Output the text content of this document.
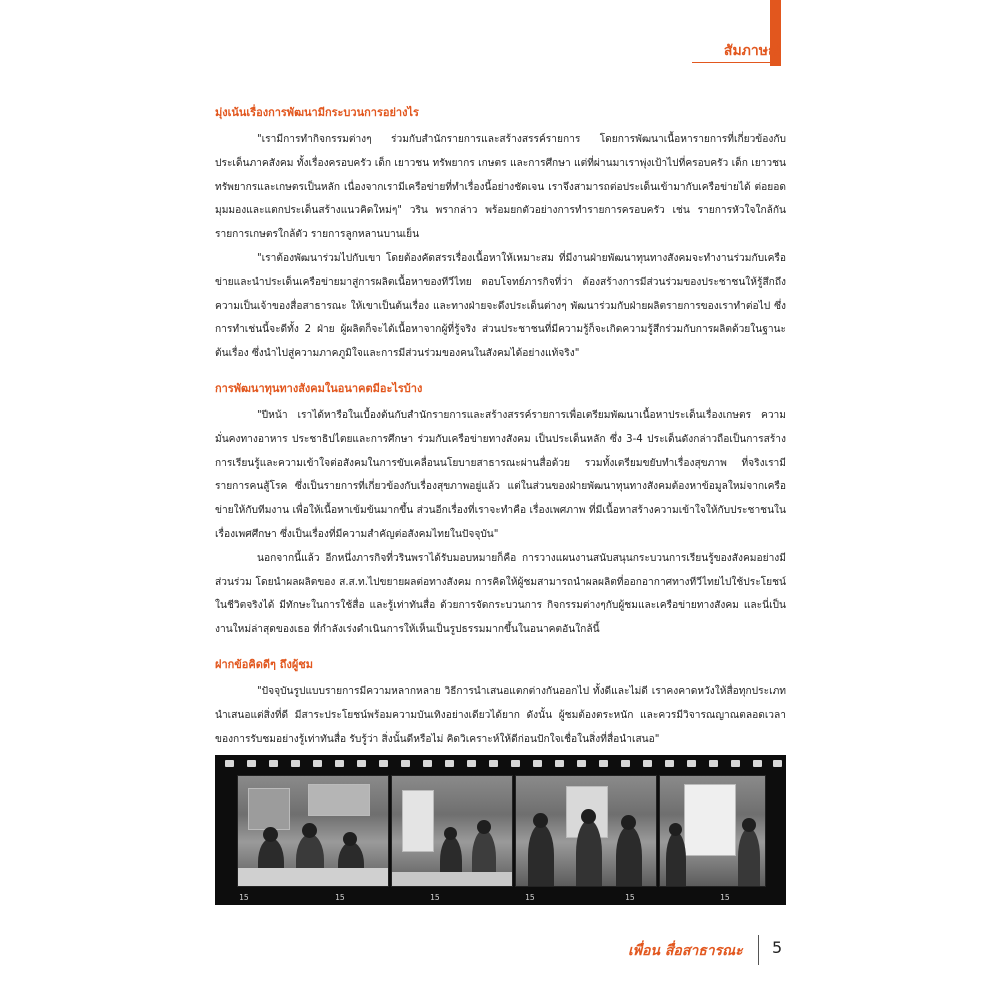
สัมภาษณ์
มุ่งเน้นเรื่องการพัฒนามีกระบวนการอย่างไร

"เรามีการทำกิจกรรมต่างๆ ร่วมกับสำนักรายการและสร้างสรรค์รายการ โดยการพัฒนาเนื้อหารายการที่เกี่ยวข้องกับประเด็นภาคสังคม ทั้งเรื่องครอบครัว เด็ก เยาวชน ทรัพยากร เกษตร และการศึกษา แต่ที่ผ่านมาเราพุ่งเป้าไปที่ครอบครัว เด็ก เยาวชน ทรัพยากรและเกษตรเป็นหลัก เนื่องจากเรามีเครือข่ายที่ทำเรื่องนี้อย่างชัดเจน เราจึงสามารถต่อประเด็นเข้ามากับเครือข่ายได้ ต่อยอดมุมมองและแตกประเด็นสร้างแนวคิดใหม่ๆ" วริน พรากล่าว พร้อมยกตัวอย่างการทำรายการครอบครัว เช่น รายการหัวใจใกล้กัน รายการเกษตรใกล้ตัว รายการลูกหลานบานเย็น

"เราต้องพัฒนาร่วมไปกับเขา โดยต้องคัดสรรเรื่องเนื้อหาให้เหมาะสม ที่มีงานฝ่ายพัฒนาทุนทางสังคมจะทำงานร่วมกับเครือข่ายและนำประเด็นเครือข่ายมาสู่การผลิตเนื้อหาของทีวีไทย ตอบโจทย์ภารกิจที่ว่า ต้องสร้างการมีส่วนร่วมของประชาชนให้รู้สึกถึงความเป็นเจ้าของสื่อสาธารณะ ให้เขาเป็นต้นเรื่อง และทางฝ่ายจะดึงประเด็นต่างๆ พัฒนาร่วมกับฝ่ายผลิตรายการของเราทำต่อไป ซึ่งการทำเช่นนี้จะดีทั้ง 2 ฝ่าย ผู้ผลิตก็จะได้เนื้อหาจากผู้ที่รู้จริง ส่วนประชาชนที่มีความรู้ก็จะเกิดความรู้สึกร่วมกับการผลิตด้วยในฐานะต้นเรื่อง ซึ่งนำไปสู่ความภาคภูมิใจและการมีส่วนร่วมของคนในสังคมได้อย่างแท้จริง"

การพัฒนาทุนทางสังคมในอนาคตมีอะไรบ้าง

"ปีหน้า เราได้หารือในเบื้องต้นกับสำนักรายการและสร้างสรรค์รายการเพื่อเตรียมพัฒนาเนื้อหาประเด็นเรื่องเกษตร ความมั่นคงทางอาหาร ประชาธิปไตยและการศึกษา ร่วมกับเครือข่ายทางสังคม เป็นประเด็นหลัก ซึ่ง 3-4 ประเด็นดังกล่าวถือเป็นการสร้างการเรียนรู้และความเข้าใจต่อสังคมในการขับเคลื่อนนโยบายสาธารณะผ่านสื่อด้วย รวมทั้งเตรียมขยับทำเรื่องสุขภาพ ที่จริงเรามีรายการคนสู้โรค ซึ่งเป็นรายการที่เกี่ยวข้องกับเรื่องสุขภาพอยู่แล้ว แต่ในส่วนของฝ่ายพัฒนาทุนทางสังคมต้องหาข้อมูลใหม่จากเครือข่ายให้กับทีมงาน เพื่อให้เนื้อหาเข้มข้นมากขึ้น ส่วนอีกเรื่องที่เราจะทำคือ เรื่องเพศภาพ ที่มีเนื้อหาสร้างความเข้าใจให้กับประชาชนในเรื่องเพศศึกษา ซึ่งเป็นเรื่องที่มีความสำคัญต่อสังคมไทยในปัจจุบัน"

นอกจากนี้แล้ว อีกหนึ่งภารกิจที่วรินพราได้รับมอบหมายก็คือ การวางแผนงานสนับสนุนกระบวนการเรียนรู้ของสังคมอย่างมีส่วนร่วม โดยนำผลผลิตของ ส.ส.ท.ไปขยายผลต่อทางสังคม การคิดให้ผู้ชมสามารถนำผลผลิตที่ออกอากาศทางทีวีไทยไปใช้ประโยชน์ในชีวิตจริงได้ มีทักษะในการใช้สื่อ และรู้เท่าทันสื่อ ด้วยการจัดกระบวนการ กิจกรรมต่างๆกับผู้ชมและเครือข่ายทางสังคม และนี่เป็นงานใหม่ล่าสุดของเธอ ที่กำลังเร่งดำเนินการให้เห็นเป็นรูปธรรมมากขึ้นในอนาคตอันใกล้นี้

ฝากข้อคิดดีๆ ถึงผู้ชม

"ปัจจุบันรูปแบบรายการมีความหลากหลาย วิธีการนำเสนอแตกต่างกันออกไป ทั้งดีและไม่ดี เราคงคาดหวังให้สื่อทุกประเภทนำเสนอแต่สิ่งที่ดี มีสาระประโยชน์พร้อมความบันเทิงอย่างเดียวได้ยาก ดังนั้น ผู้ชมต้องตระหนัก และควรมีวิจารณญาณตลอดเวลาของการรับชมอย่างรู้เท่าทันสื่อ รับรู้ว่า สิ่งนั้นดีหรือไม่ คิดวิเคราะห์ให้ดีก่อนปักใจเชื่อในสิ่งที่สื่อนำเสนอ"

15	15	15	15	15	15
เพื่อน สื่อสาธารณะ 5
